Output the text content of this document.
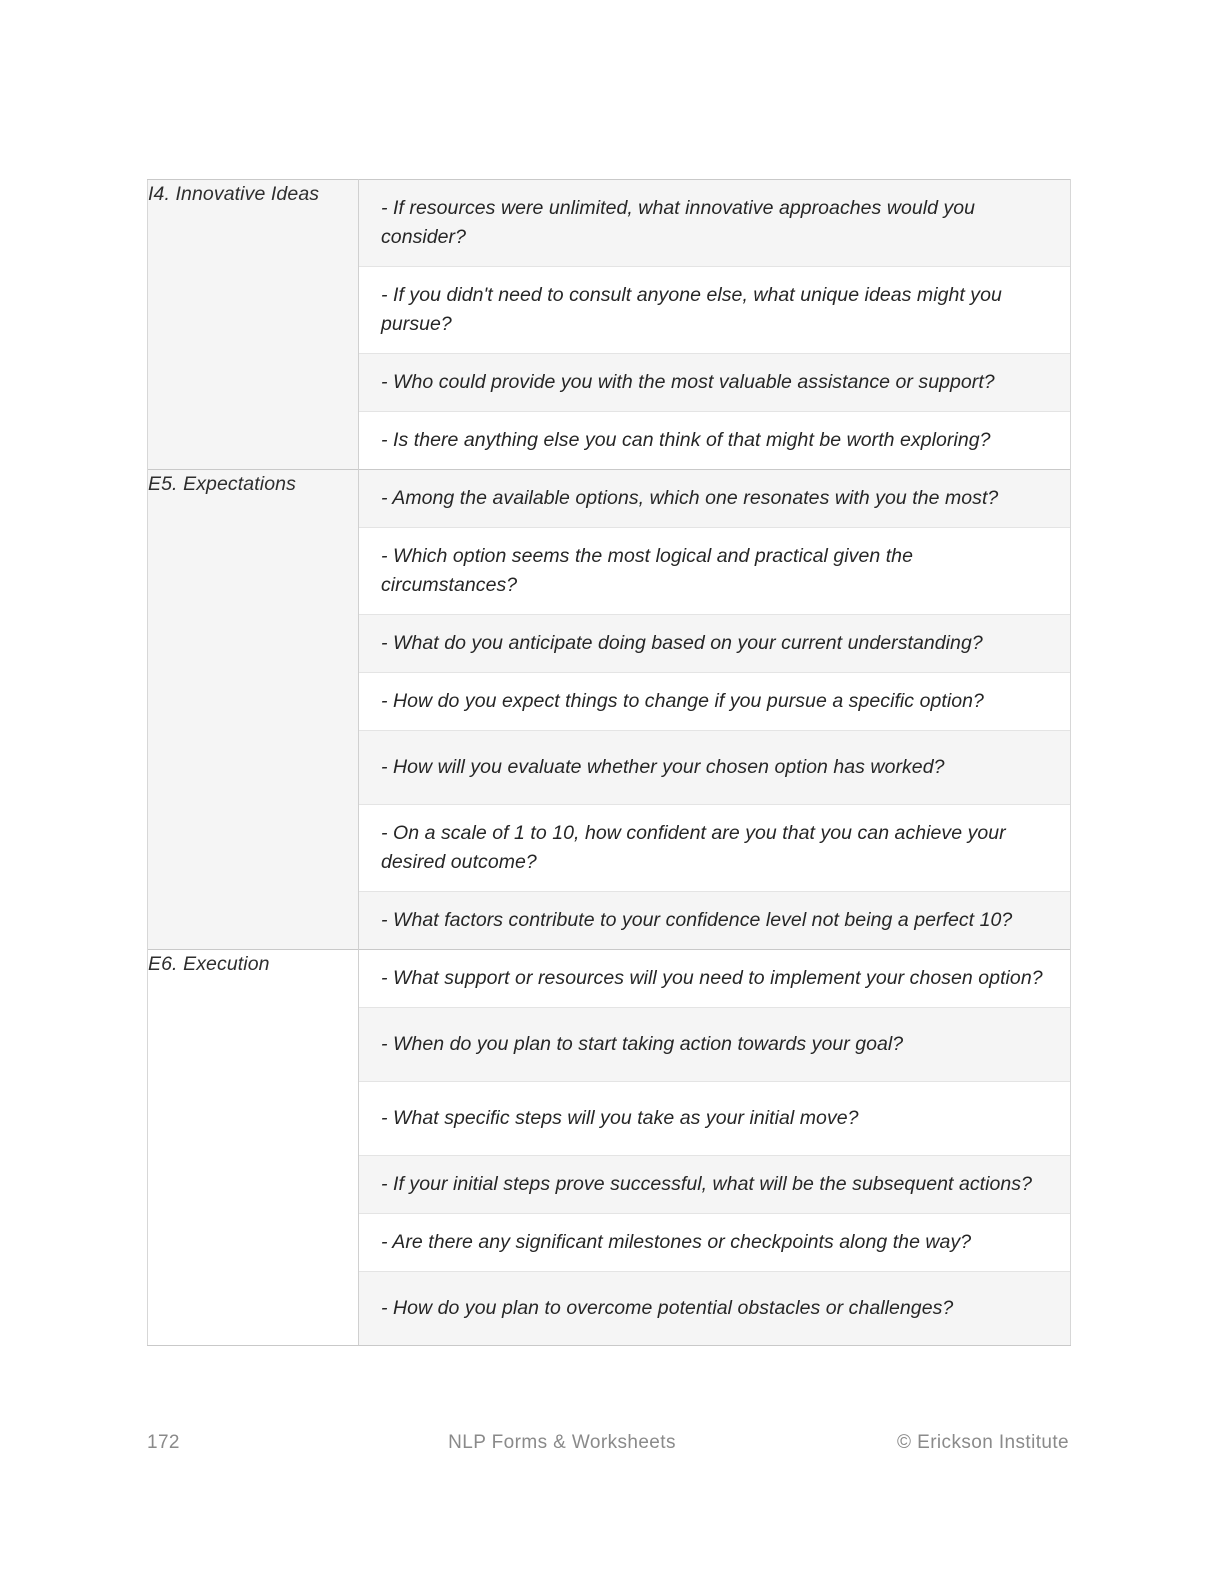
I4. Innovative Ideas	- If resources were unlimited, what innovative approaches would you consider?
- If you didn't need to consult anyone else, what unique ideas might you pursue?
- Who could provide you with the most valuable assistance or support?
- Is there anything else you can think of that might be worth exploring?

E5. Expectations	
- Among the available options, which one resonates with you the most?
- Which option seems the most logical and practical given the circumstances?
- What do you anticipate doing based on your current understanding?
- How do you expect things to change if you pursue a specific option?
- How will you evaluate whether your chosen option has worked?
- On a scale of 1 to 10, how confident are you that you can achieve your desired outcome?
- What factors contribute to your confidence level not being a perfect 10?

E6. Execution	
- What support or resources will you need to implement your chosen option?
- When do you plan to start taking action towards your goal?
- What specific steps will you take as your initial move?
- If your initial steps prove successful, what will be the subsequent actions?
- Are there any significant milestones or checkpoints along the way?
- How do you plan to overcome potential obstacles or challenges?
172	NLP Forms & Worksheets	© Erickson Institute
